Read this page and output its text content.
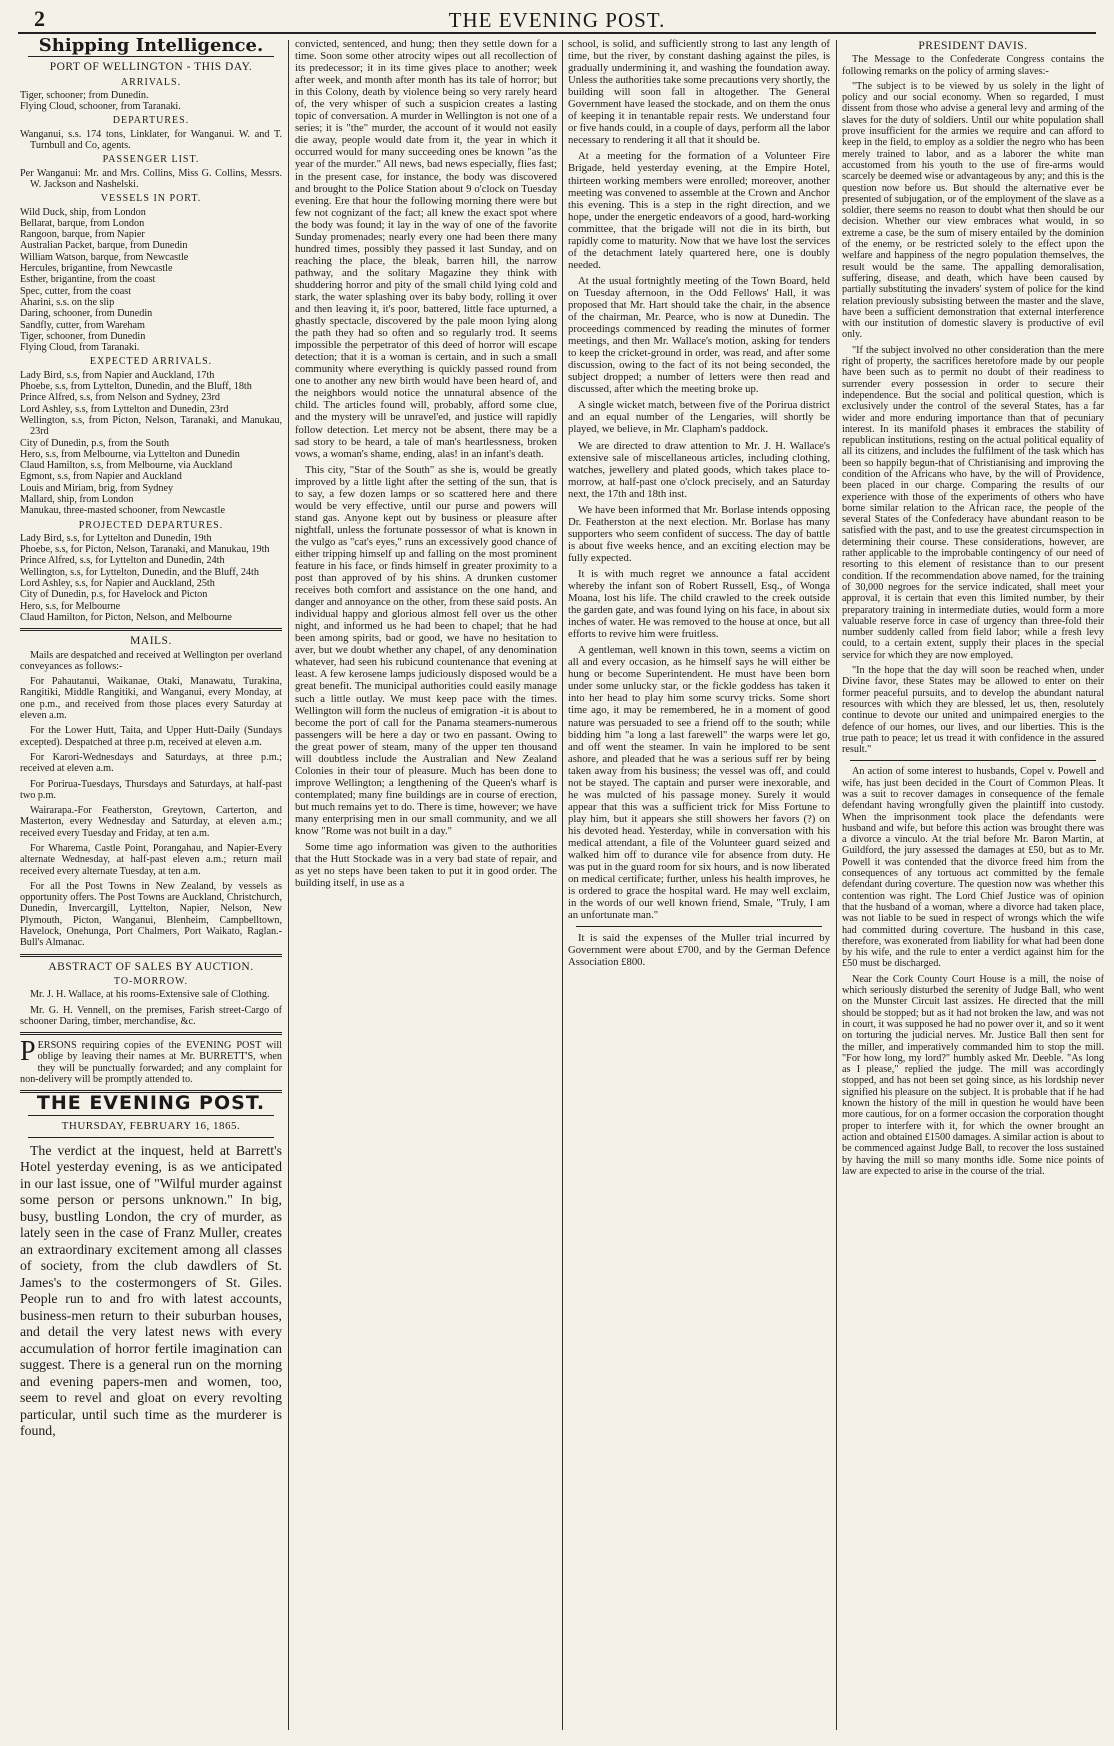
2	THE EVENING POST.
Shipping Intelligence.
PORT OF WELLINGTON - THIS DAY.
ARRIVALS.
Tiger, schooner; from Dunedin.
Flying Cloud, schooner, from Taranaki.
DEPARTURES.
Wanganui, s.s. 174 tons, Linklater, for Wanganui. W. and T. Turnbull and Co, agents.
PASSENGER LIST.
Per Wanganui: Mr. and Mrs. Collins, Miss G. Collins, Messrs. W. Jackson and Nashelski.
VESSELS IN PORT.
Wild Duck, ship, from London
Bellarat, barque, from London
Rangoon, barque, from Napier
Australian Packet, barque, from Dunedin
William Watson, barque, from Newcastle
Hercules, brigantine, from Newcastle
Esther, brigantine, from the coast
Spec, cutter, from the coast
Aharini, s.s. on the slip
Daring, schooner, from Dunedin
Sandfly, cutter, from Wareham
Tiger, schooner, from Dunedin
Flying Cloud, from Taranaki.
EXPECTED ARRIVALS.
Lady Bird, s.s, from Napier and Auckland, 17th
Phoebe, s.s, from Lyttelton, Dunedin, and the Bluff, 18th
Prince Alfred, s.s, from Nelson and Sydney, 23rd
Lord Ashley, s.s, from Lyttelton and Dunedin, 23rd
Wellington, s.s, from Picton, Nelson, Taranaki, and Manukau, 23rd
City of Dunedin, p.s, from the South
Hero, s.s, from Melbourne, via Lyttelton and Dunedin
Claud Hamilton, s.s, from Melbourne, via Auckland
Egmont, s.s, from Napier and Auckland
Louis and Miriam, brig, from Sydney
Mallard, ship, from London
Manukau, three-masted schooner, from Newcastle
PROJECTED DEPARTURES.
Lady Bird, s.s, for Lyttelton and Dunedin, 19th
Phoebe, s.s, for Picton, Nelson, Taranaki, and Manukau, 19th
Prince Alfred, s.s, for Lyttelton and Dunedin, 24th
Wellington, s.s, for Lyttelton, Dunedin, and the Bluff, 24th
Lord Ashley, s.s, for Napier and Auckland, 25th
City of Dunedin, p.s, for Havelock and Picton
Hero, s.s, for Melbourne
Claud Hamilton, for Picton, Nelson, and Melbourne
MAILS.

Mails are despatched and received at Wellington per overland conveyances as follows:-

For Pahautanui, Waikanae, Otaki, Manawatu, Turakina, Rangitiki, Middle Rangitiki, and Wanganui, every Monday, at one p.m., and received from those places every Saturday at eleven a.m.

For the Lower Hutt, Taita, and Upper Hutt-Daily (Sundays excepted). Despatched at three p.m, received at eleven a.m.

For Karori-Wednesdays and Saturdays, at three p.m.; received at eleven a.m.

For Porirua-Tuesdays, Thursdays and Saturdays, at half-past two p.m.

Wairarapa.-For Featherston, Greytown, Carterton, and Masterton, every Wednesday and Saturday, at eleven a.m.; received every Tuesday and Friday, at ten a.m.

For Wharema, Castle Point, Porangahau, and Napier-Every alternate Wednesday, at half-past eleven a.m.; return mail received every alternate Tuesday, at ten a.m.

For all the Post Towns in New Zealand, by vessels as opportunity offers. The Post Towns are Auckland, Christchurch, Dunedin, Invercargill, Lyttelton, Napier, Nelson, New Plymouth, Picton, Wanganui, Blenheim, Campbelltown, Havelock, Onehunga, Port Chalmers, Port Waikato, Raglan.-Bull's Almanac.

ABSTRACT OF SALES BY AUCTION.
TO-MORROW.

Mr. J. H. Wallace, at his rooms-Extensive sale of Clothing.

Mr. G. H. Vennell, on the premises, Farish street-Cargo of schooner Daring, timber, merchandise, &c.

PERSONS requiring copies of the EVENING POST will oblige by leaving their names at Mr. BURRETT'S, when they will be punctually forwarded; and any complaint for non-delivery will be promptly attended to.

THE EVENING POST.
THURSDAY, FEBRUARY 16, 1865.

The verdict at the inquest, held at Barrett's Hotel yesterday evening, is as we anticipated in our last issue, one of "Wilful murder against some person or persons unknown." In big, busy, bustling London, the cry of murder, as lately seen in the case of Franz Muller, creates an extraordinary excitement among all classes of society, from the club dawdlers of St. James's to the costermongers of St. Giles. People run to and fro with latest accounts, business-men return to their suburban houses, and detail the very latest news with every accumulation of horror fertile imagination can suggest. There is a general run on the morning and evening papers-men and women, too, seem to revel and gloat on every revolting particular, until such time as the murderer is found,

convicted, sentenced, and hung; then they settle down for a time. Soon some other atrocity wipes out all recollection of its predecessor; it in its time gives place to another; week after week, and month after month has its tale of horror; but in this Colony, death by violence being so very rarely heard of, the very whisper of such a suspicion creates a lasting topic of conversation. A murder in Wellington is not one of a series; it is "the" murder, the account of it would not easily die away, people would date from it, the year in which it occurred would for many succeeding ones be known "as the year of the murder." All news, bad news especially, flies fast; in the present case, for instance, the body was discovered and brought to the Police Station about 9 o'clock on Tuesday evening. Ere that hour the following morning there were but few not cognizant of the fact; all knew the exact spot where the body was found; it lay in the way of one of the favorite Sunday promenades; nearly every one had been there many hundred times, possibly they passed it last Sunday, and on reaching the place, the bleak, barren hill, the narrow pathway, and the solitary Magazine they think with shuddering horror and pity of the small child lying cold and stark, the water splashing over its baby body, rolling it over and then leaving it, it's poor, battered, little face upturned, a ghastly spectacle, discovered by the pale moon lying along the path they had so often and so regularly trod. It seems impossible the perpetrator of this deed of horror will escape detection; that it is a woman is certain, and in such a small community where everything is quickly passed round from one to another any new birth would have been heard of, and the neighbors would notice the unnatural absence of the child. The articles found will, probably, afford some clue, and the mystery will be unravel'ed, and justice will rapidly follow detection. Let mercy not be absent, there may be a sad story to be heard, a tale of man's heartlessness, broken vows, a woman's shame, ending, alas! in an infant's death.

This city, "Star of the South" as she is, would be greatly improved by a little light after the setting of the sun, that is to say, a few dozen lamps or so scattered here and there would be very effective, until our purse and powers will stand gas. Anyone kept out by business or pleasure after nightfall, unless the fortunate possessor of what is known in the vulgo as "cat's eyes," runs an excessively good chance of either tripping himself up and falling on the most prominent feature in his face, or finds himself in greater proximity to a post than approved of by his shins. A drunken customer receives both comfort and assistance on the one hand, and danger and annoyance on the other, from these said posts. An individual happy and glorious almost fell over us the other night, and informed us he had been to chapel; that he had been among spirits, bad or good, we have no hesitation to aver, but we doubt whether any chapel, of any denomination whatever, had seen his rubicund countenance that evening at least. A few kerosene lamps judiciously disposed would be a great benefit. The municipal authorities could easily manage such a little outlay. We must keep pace with the times. Wellington will form the nucleus of emigration -it is about to become the port of call for the Panama steamers-numerous passengers will be here a day or two en passant. Owing to the great power of steam, many of the upper ten thousand will doubtless include the Australian and New Zealand Colonies in their tour of pleasure. Much has been done to improve Wellington; a lengthening of the Queen's wharf is contemplated; many fine buildings are in course of erection, but much remains yet to do. There is time, however; we have many enterprising men in our small community, and we all know "Rome was not built in a day."

Some time ago information was given to the authorities that the Hutt Stockade was in a very bad state of repair, and as yet no steps have been taken to put it in good order. The building itself, in use as a

school, is solid, and sufficiently strong to last any length of time, but the river, by constant dashing against the piles, is gradually undermining it, and washing the foundation away. Unless the authorities take some precautions very shortly, the building will soon fall in altogether. The General Government have leased the stockade, and on them the onus of keeping it in tenantable repair rests. We understand four or five hands could, in a couple of days, perform all the labor necessary to rendering it all that it should be.

At a meeting for the formation of a Volunteer Fire Brigade, held yesterday evening, at the Empire Hotel, thirteen working members were enrolled; moreover, another meeting was convened to assemble at the Crown and Anchor this evening. This is a step in the right direction, and we hope, under the energetic endeavors of a good, hard-working committee, that the brigade will not die in its birth, but rapidly come to maturity. Now that we have lost the services of the detachment lately quartered here, one is doubly needed.

At the usual fortnightly meeting of the Town Board, held on Tuesday afternoon, in the Odd Fellows' Hall, it was proposed that Mr. Hart should take the chair, in the absence of the chairman, Mr. Pearce, who is now at Dunedin. The proceedings commenced by reading the minutes of former meetings, and then Mr. Wallace's motion, asking for tenders to keep the cricket-ground in order, was read, and after some discussion, owing to the fact of its not being seconded, the subject dropped; a number of letters were then read and discussed, after which the meeting broke up.

A single wicket match, between five of the Porirua district and an equal number of the Lengaries, will shortly be played, we believe, in Mr. Clapham's paddock.

We are directed to draw attention to Mr. J. H. Wallace's extensive sale of miscellaneous articles, including clothing, watches, jewellery and plated goods, which takes place to-morrow, at half-past one o'clock precisely, and an Saturday next, the 17th and 18th inst.

We have been informed that Mr. Borlase intends opposing Dr. Featherston at the next election. Mr. Borlase has many supporters who seem confident of success. The day of battle is about five weeks hence, and an exciting election may be fully expected.

It is with much regret we announce a fatal accident whereby the infant son of Robert Russell, Esq., of Wonga Moana, lost his life. The child crawled to the creek outside the garden gate, and was found lying on his face, in about six inches of water. He was removed to the house at once, but all efforts to revive him were fruitless.

A gentleman, well known in this town, seems a victim on all and every occasion, as he himself says he will either be hung or become Superintendent. He must have been born under some unlucky star, or the fickle goddess has taken it into her head to play him some scurvy tricks. Some short time ago, it may be remembered, he in a moment of good nature was persuaded to see a friend off to the south; while bidding him "a long a last farewell" the warps were let go, and off went the steamer. In vain he implored to be sent ashore, and pleaded that he was a serious suff rer by being taken away from his business; the vessel was off, and could not be stayed. The captain and purser were inexorable, and he was mulcted of his passage money. Surely it would appear that this was a sufficient trick for Miss Fortune to play him, but it appears she still showers her favors (?) on his devoted head. Yesterday, while in conversation with his medical attendant, a file of the Volunteer guard seized and walked him off to durance vile for absence from duty. He was put in the guard room for six hours, and is now liberated on medical certificate; further, unless his health improves, he is ordered to grace the hospital ward. He may well exclaim, in the words of our well known friend, Smale, "Truly, I am an unfortunate man."

It is said the expenses of the Muller trial incurred by Government were about £700, and by the German Defence Association £800.

PRESIDENT DAVIS.

The Message to the Confederate Congress contains the following remarks on the policy of arming slaves:-

"The subject is to be viewed by us solely in the light of policy and our social economy. When so regarded, I must dissent from those who advise a general levy and arming of the slaves for the duty of soldiers. Until our white population shall prove insufficient for the armies we require and can afford to keep in the field, to employ as a soldier the negro who has been merely trained to labor, and as a laborer the white man accustomed from his youth to the use of fire-arms would scarcely be deemed wise or advantageous by any; and this is the question now before us. But should the alternative ever be presented of subjugation, or of the employment of the slave as a soldier, there seems no reason to doubt what then should be our decision. Whether our view embraces what would, in so extreme a case, be the sum of misery entailed by the dominion of the enemy, or be restricted solely to the effect upon the welfare and happiness of the negro population themselves, the result would be the same. The appalling demoralisation, suffering, disease, and death, which have been caused by partially substituting the invaders' system of police for the kind relation previously subsisting between the master and the slave, have been a sufficient demonstration that external interference with our institution of domestic slavery is productive of evil only.

"If the subject involved no other consideration than the mere right of property, the sacrifices heretofore made by our people have been such as to permit no doubt of their readiness to surrender every possession in order to secure their independence. But the social and political question, which is exclusively under the control of the several States, has a far wider and more enduring importance than that of pecuniary interest. In its manifold phases it embraces the stability of republican institutions, resting on the actual political equality of all its citizens, and includes the fulfilment of the task which has been so happily begun-that of Christianising and improving the condition of the Africans who have, by the will of Providence, been placed in our charge. Comparing the results of our experience with those of the experiments of others who have borne similar relation to the African race, the people of the several States of the Confederacy have abundant reason to be satisfied with the past, and to use the greatest circumspection in determining their course. These considerations, however, are rather applicable to the improbable contingency of our need of resorting to this element of resistance than to our present condition. If the recommendation above named, for the training of 30,000 negroes for the service indicated, shall meet your approval, it is certain that even this limited number, by their preparatory training in intermediate duties, would form a more valuable reserve force in case of urgency than three-fold their number suddenly called from field labor; while a fresh levy could, to a certain extent, supply their places in the special service for which they are now employed.

"In the hope that the day will soon be reached when, under Divine favor, these States may be allowed to enter on their former peaceful pursuits, and to develop the abundant natural resources with which they are blessed, let us, then, resolutely continue to devote our united and unimpaired energies to the defence of our homes, our lives, and our liberties. This is the true path to peace; let us tread it with confidence in the assured result."

An action of some interest to husbands, Copel v. Powell and wife, has just been decided in the Court of Common Pleas. It was a suit to recover damages in consequence of the female defendant having wrongfully given the plaintiff into custody. When the imprisonment took place the defendants were husband and wife, but before this action was brought there was a divorce a vinculo. At the trial before Mr. Baron Martin, at Guildford, the jury assessed the damages at £50, but as to Mr. Powell it was contended that the divorce freed him from the consequences of any tortuous act committed by the female defendant during coverture. The question now was whether this contention was right. The Lord Chief Justice was of opinion that the husband of a woman, where a divorce had taken place, was not liable to be sued in respect of wrongs which the wife had committed during coverture. The husband in this case, therefore, was exonerated from liability for what had been done by his wife, and the rule to enter a verdict against him for the £50 must be discharged.

Near the Cork County Court House is a mill, the noise of which seriously disturbed the serenity of Judge Ball, who went on the Munster Circuit last assizes. He directed that the mill should be stopped; but as it had not broken the law, and was not in court, it was supposed he had no power over it, and so it went on torturing the judicial nerves. Mr. Justice Ball then sent for the miller, and imperatively commanded him to stop the mill. "For how long, my lord?" humbly asked Mr. Deeble. "As long as I please," replied the judge. The mill was accordingly stopped, and has not been set going since, as his lordship never signified his pleasure on the subject. It is probable that if he had known the history of the mill in question he would have been more cautious, for on a former occasion the corporation thought proper to interfere with it, for which the owner brought an action and obtained £1500 damages. A similar action is about to be commenced against Judge Ball, to recover the loss sustained by having the mill so many months idle. Some nice points of law are expected to arise in the course of the trial.
